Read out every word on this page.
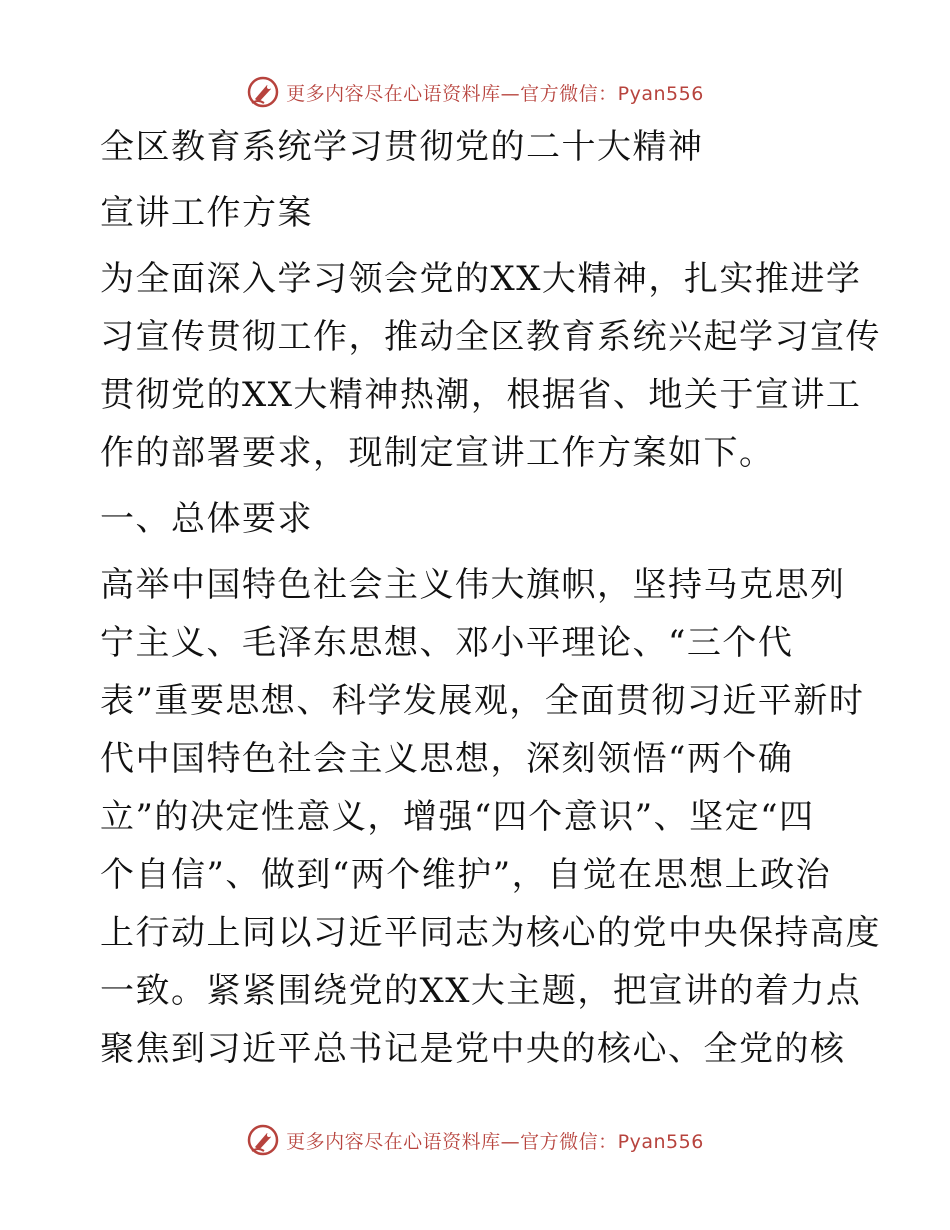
更多内容尽在心语资料库—官方微信：Pyan556
全区教育系统学习贯彻党的二十大精神
宣讲工作方案
为全面深入学习领会党的XX大精神，扎实推进学
习宣传贯彻工作，推动全区教育系统兴起学习宣传
贯彻党的XX大精神热潮，根据省、地关于宣讲工
作的部署要求，现制定宣讲工作方案如下。
一、总体要求
高举中国特色社会主义伟大旗帜，坚持马克思列
宁主义、毛泽东思想、邓小平理论、“三个代
表”重要思想、科学发展观，全面贯彻习近平新时
代中国特色社会主义思想，深刻领悟“两个确
立”的决定性意义，增强“四个意识”、坚定“四
个自信”、做到“两个维护”，自觉在思想上政治
上行动上同以习近平同志为核心的党中央保持高度
一致。紧紧围绕党的XX大主题，把宣讲的着力点
聚焦到习近平总书记是党中央的核心、全党的核
更多内容尽在心语资料库—官方微信：Pyan556
